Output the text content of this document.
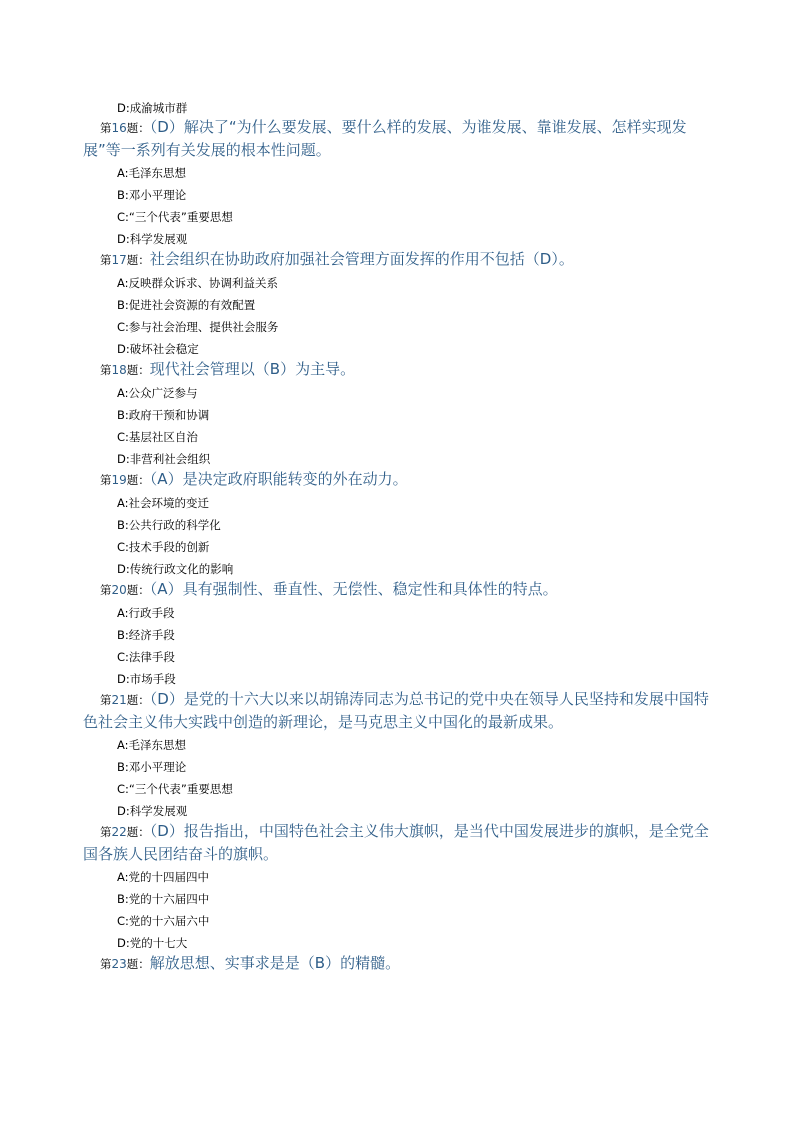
D:成渝城市群
第16题：（D）解决了“为什么要发展、要什么样的发展、为谁发展、靠谁发展、怎样实现发展”等一系列有关发展的根本性问题。
A:毛泽东思想
B:邓小平理论
C:“三个代表”重要思想
D:科学发展观
第17题：社会组织在协助政府加强社会管理方面发挥的作用不包括（D）。
A:反映群众诉求、协调利益关系
B:促进社会资源的有效配置
C:参与社会治理、提供社会服务
D:破坏社会稳定
第18题：现代社会管理以（B）为主导。
A:公众广泛参与
B:政府干预和协调
C:基层社区自治
D:非营利社会组织
第19题：（A）是决定政府职能转变的外在动力。
A:社会环境的变迁
B:公共行政的科学化
C:技术手段的创新
D:传统行政文化的影响
第20题：（A）具有强制性、垂直性、无偿性、稳定性和具体性的特点。
A:行政手段
B:经济手段
C:法律手段
D:市场手段
第21题：（D）是党的十六大以来以胡锦涛同志为总书记的党中央在领导人民坚持和发展中国特色社会主义伟大实践中创造的新理论，是马克思主义中国化的最新成果。
A:毛泽东思想
B:邓小平理论
C:“三个代表”重要思想
D:科学发展观
第22题：（D）报告指出，中国特色社会主义伟大旗帜，是当代中国发展进步的旗帜，是全党全国各族人民团结奋斗的旗帜。
A:党的十四届四中
B:党的十六届四中
C:党的十六届六中
D:党的十七大
第23题：解放思想、实事求是是（B）的精髓。
